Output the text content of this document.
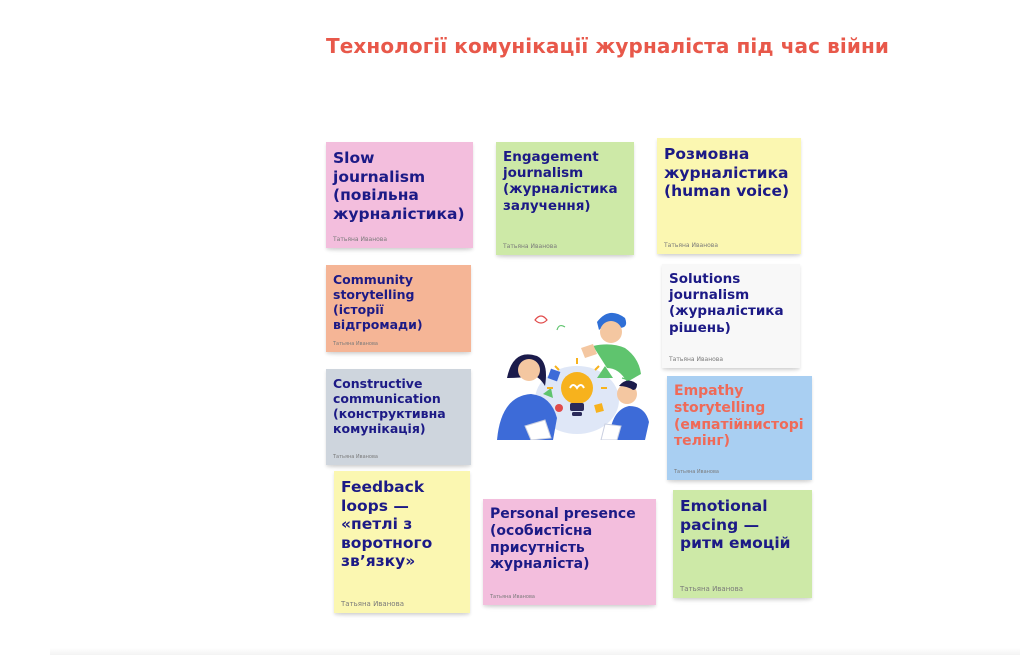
Технології комунікації журналіста під час війни
Slow journalism (повільна журналістика)
Татьяна Иванова
Engagement journalism (журналістика залучення)
Татьяна Иванова
Розмовна журналістика (human voice)
Татьяна Иванова
Community storytelling (історії відгромади)
Татьяна Иванова
Solutions journalism (журналістика рішень)
Татьяна Иванова
Constructive communication (конструктивна комунікація)
Татьяна Иванова
Empathy storytelling (емпатійнисторі телінг)
Татьяна Иванова
Feedback loops — «петлі з воротного зв’язку»
Татьяна Иванова
Personal presence (особистісна присутність журналіста)
Татьяна Иванова
Emotional pacing — ритм емоцій
Татьяна Иванова
